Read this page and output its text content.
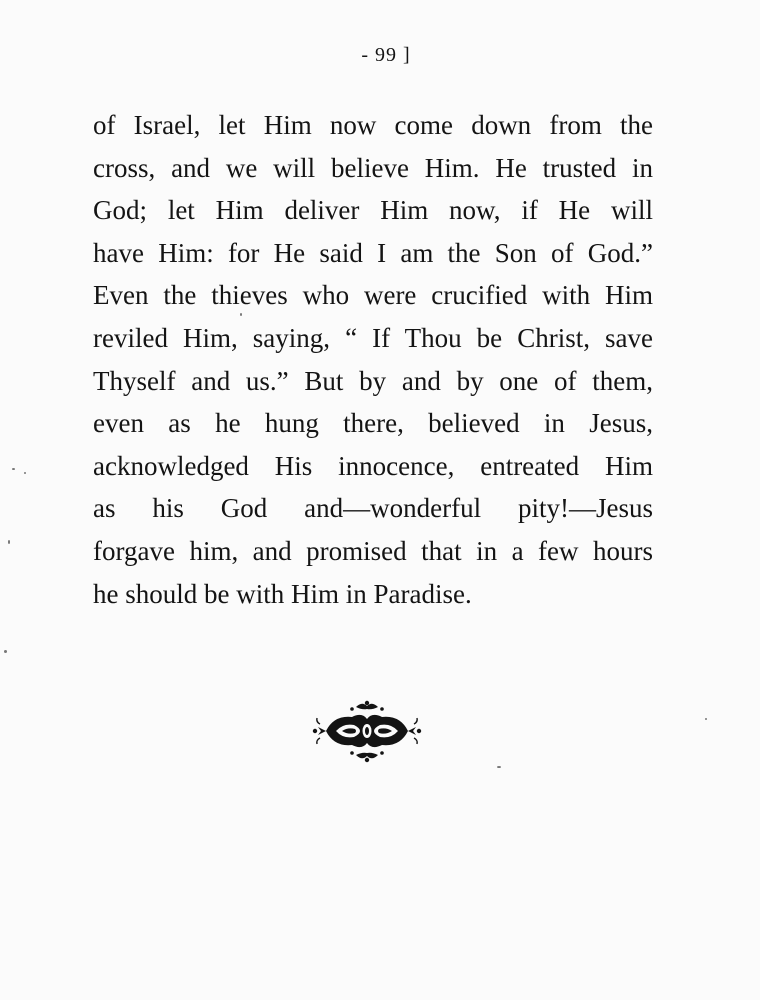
- 99 ]
of Israel, let Him now come down from the
cross, and we will believe Him. He trusted in
God; let Him deliver Him now, if He will
have Him: for He said I am the Son of God.”
Even the thieves who were crucified with Him
reviled Him, saying, “ If Thou be Christ, save
Thyself and us.” But by and by one of them,
even as he hung there, believed in Jesus,
acknowledged His innocence, entreated Him
as his God and—wonderful pity!—Jesus
forgave him, and promised that in a few hours
he should be with Him in Paradise.
